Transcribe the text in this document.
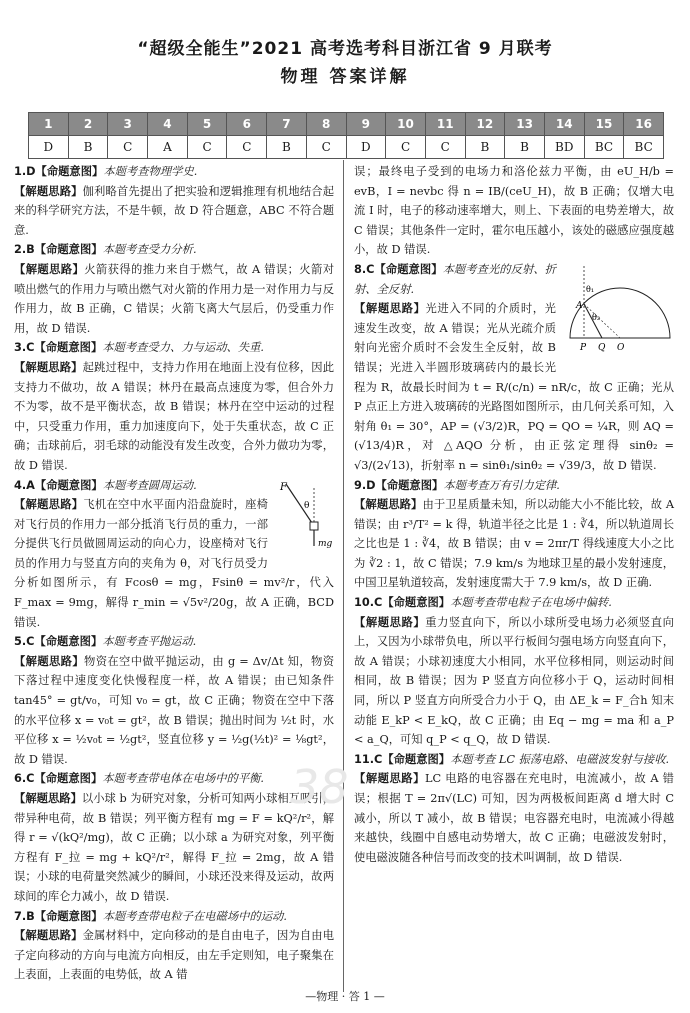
“超级全能生”2021 高考选考科目浙江省 9 月联考
物理 答案详解
1	2	3	4	5	6	7	8	9	10	11	12	13	14	15	16
D	B	C	A	C	C	B	C	D	C	C	B	B	BD	BC	BC

1.D【命题意图】本题考查物理学史.
【解题思路】伽利略首先提出了把实验和逻辑推理有机地结合起来的科学研究方法，不是牛顿，故 D 符合题意，ABC 不符合题意.

2.B【命题意图】本题考查受力分析.
【解题思路】火箭获得的推力来自于燃气，故 A 错误；火箭对喷出燃气的作用力与喷出燃气对火箭的作用力是一对作用力与反作用力，故 B 正确，C 错误；火箭飞离大气层后，仍受重力作用，故 D 错误.

3.C【命题意图】本题考查受力、力与运动、失重.
【解题思路】起跳过程中，支持力作用在地面上没有位移，因此支持力不做功，故 A 错误；林丹在最高点速度为零，但合外力不为零，故不是平衡状态，故 B 错误；林丹在空中运动的过程中，只受重力作用，重力加速度向下，处于失重状态，故 C 正确；击球前后，羽毛球的动能没有发生改变，合外力做功为零，故 D 错误.

F
θ
mg
4.A【命题意图】本题考查圆周运动.
【解题思路】飞机在空中水平面内沿盘旋时，座椅对飞行员的作用力一部分抵消飞行员的重力，一部分提供飞行员做圆周运动的向心力，设座椅对飞行员的作用力与竖直方向的夹角为 θ，对飞行员受力分析如图所示，有 Fcosθ = mg，Fsinθ = mv²/r，代入 F_max = 9mg，解得 r_min = √5v²/20g，故 A 正确，BCD 错误.

5.C【命题意图】本题考查平抛运动.
【解题思路】物资在空中做平抛运动，由 g = Δv/Δt 知，物资下落过程中速度变化快慢程度一样，故 A 错误；由已知条件 tan45° = gt/v₀，可知 v₀ = gt，故 C 正确；物资在空中下落的水平位移 x = v₀t = gt²，故 B 错误；抛出时间为 ½t 时，水平位移 x = ½v₀t = ½gt²，竖直位移 y = ½g(½t)² = ⅛gt²，故 D 错误.

6.C【命题意图】本题考查带电体在电场中的平衡.
【解题思路】以小球 b 为研究对象，分析可知两小球相互吸引，带异种电荷，故 B 错误；列平衡方程有 mg = F = kQ²/r²，解得 r = √(kQ²/mg)，故 C 正确；以小球 a 为研究对象，列平衡方程有 F_拉 = mg + kQ²/r²，解得 F_拉 = 2mg，故 A 错误；小球的电荷量突然减少的瞬间，小球还没来得及运动，故两球间的库仑力减小，故 D 错误.

7.B【命题意图】本题考查带电粒子在电磁场中的运动.
【解题思路】金属材料中，定向移动的是自由电子，因为自由电子定向移动的方向与电流方向相反，由左手定则知，电子聚集在上表面，上表面的电势低，故 A 错

误；最终电子受到的电场力和洛伦兹力平衡，由 eU_H/b = evB，I = nevbc 得 n = IB/(ceU_H)，故 B 正确；仅增大电流 I 时，电子的移动速率增大，则上、下表面的电势差增大，故 C 错误；其他条件一定时，霍尔电压越小，该处的磁感应强度越小，故 D 错误.

A
P Q O
θ₁
θ₂
8.C【命题意图】本题考查光的反射、折射、全反射.
【解题思路】光进入不同的介质时，光速发生改变，故 A 错误；光从光疏介质射向光密介质时不会发生全反射，故 B 错误；光进入半圆形玻璃砖内的最长光程为 R，故最长时间为 t = R/(c/n) = nR/c，故 C 正确；光从 P 点正上方进入玻璃砖的光路图如图所示，由几何关系可知，入射角 θ₁ = 30°，AP = (√3/2)R，PQ = QO = ¼R，则 AQ = (√13/4)R，对 △AQO 分析，由正弦定理得 sinθ₂ = √3/(2√13)，折射率 n = sinθ₁/sinθ₂ = √39/3，故 D 错误.

9.D【命题意图】本题考查万有引力定律.
【解题思路】由于卫星质量未知，所以动能大小不能比较，故 A 错误；由 r³/T² = k 得，轨道半径之比是 1 : ∛4，所以轨道周长之比也是 1 : ∛4，故 B 错误；由 v = 2πr/T 得线速度大小之比为 ∛2 : 1，故 C 错误；7.9 km/s 为地球卫星的最小发射速度，中国卫星轨道较高，发射速度需大于 7.9 km/s，故 D 正确.

10.C【命题意图】本题考查带电粒子在电场中偏转.
【解题思路】重力竖直向下，所以小球所受电场力必须竖直向上，又因为小球带负电，所以平行板间匀强电场方向竖直向下，故 A 错误；小球初速度大小相同，水平位移相同，则运动时间相同，故 B 错误；因为 P 竖直方向位移小于 Q，运动时间相同，所以 P 竖直方向所受合力小于 Q，由 ΔE_k = F_合h 知末动能 E_kP < E_kQ，故 C 正确；由 Eq − mg = ma 和 a_P < a_Q，可知 q_P < q_Q，故 D 错误.

11.C【命题意图】本题考查 LC 振荡电路、电磁波发射与接收.
【解题思路】LC 电路的电容器在充电时，电流减小，故 A 错误；根据 T = 2π√(LC) 可知，因为两极板间距离 d 增大时 C 减小，所以 T 减小，故 B 错误；电容器充电时，电流减小得越来越快，线圈中自感电动势增大，故 C 正确；电磁波发射时，使电磁波随各种信号而改变的技术叫调制，故 D 错误.

38
—物理 · 答 1 —
